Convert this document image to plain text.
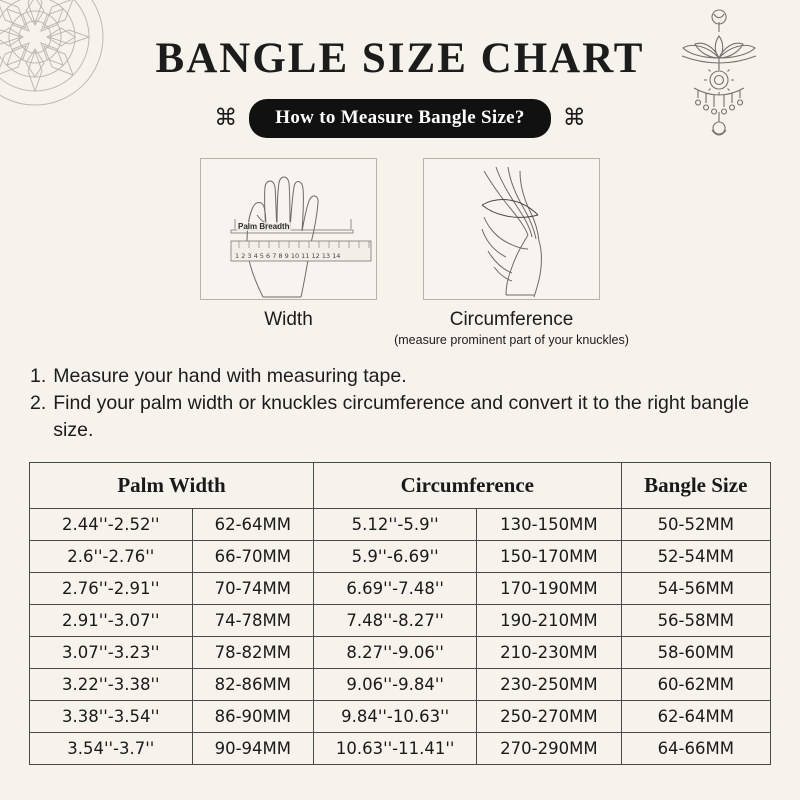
BANGLE SIZE CHART
⌘	How to Measure Bangle Size?	⌘
1 2 3 4 5 6 7 8 9 10 11 12 13 14
Palm Breadth
Width	Circumference
(measure prominent part of your knuckles)
1. Measure your hand with measuring tape.
2. Find your palm width or knuckles circumference and convert it to the right bangle size.
Palm Width		Circumference		Bangle Size
2.44''-2.52''	62-64MM	5.12''-5.9''	130-150MM	50-52MM
2.6''-2.76''	66-70MM	5.9''-6.69''	150-170MM	52-54MM
2.76''-2.91''	70-74MM	6.69''-7.48''	170-190MM	54-56MM
2.91''-3.07''	74-78MM	7.48''-8.27''	190-210MM	56-58MM
3.07''-3.23''	78-82MM	8.27''-9.06''	210-230MM	58-60MM
3.22''-3.38''	82-86MM	9.06''-9.84''	230-250MM	60-62MM
3.38''-3.54''	86-90MM	9.84''-10.63''	250-270MM	62-64MM
3.54''-3.7''	90-94MM	10.63''-11.41''	270-290MM	64-66MM
